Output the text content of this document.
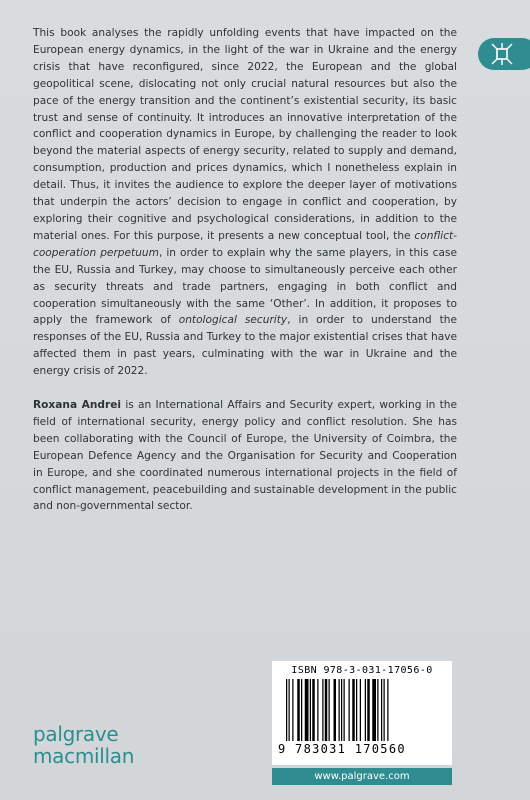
This book analyses the rapidly unfolding events that have impacted on the European energy dynamics, in the light of the war in Ukraine and the energy crisis that have reconfigured, since 2022, the European and the global geopolitical scene, dislocating not only crucial natural resources but also the pace of the energy transition and the continent’s existential security, its basic trust and sense of continuity. It introduces an innovative interpretation of the conflict and cooperation dynamics in Europe, by challenging the reader to look beyond the material aspects of energy security, related to supply and demand, consumption, production and prices dynamics, which I nonetheless explain in detail. Thus, it invites the audience to explore the deeper layer of motivations that underpin the actors’ decision to engage in conflict and cooperation, by exploring their cognitive and psychological considerations, in addition to the material ones. For this purpose, it presents a new conceptual tool, the conflict-cooperation perpetuum, in order to explain why the same players, in this case the EU, Russia and Turkey, may choose to simultaneously perceive each other as security threats and trade partners, engaging in both conflict and cooperation simultaneously with the same ‘Other’. In addition, it proposes to apply the framework of ontological security, in order to understand the responses of the EU, Russia and Turkey to the major existential crises that have affected them in past years, culminating with the war in Ukraine and the energy crisis of 2022.

Roxana Andrei is an International Affairs and Security expert, working in the field of international security, energy policy and conflict resolution. She has been collaborating with the Council of Europe, the University of Coimbra, the European Defence Agency and the Organisation for Security and Cooperation in Europe, and she coordinated numerous international projects in the field of conflict management, peacebuilding and sustainable development in the public and non-governmental sector.

palgrave
macmillan
ISBN 978-3-031-17056-0
9 783031 170560
www.palgrave.com
